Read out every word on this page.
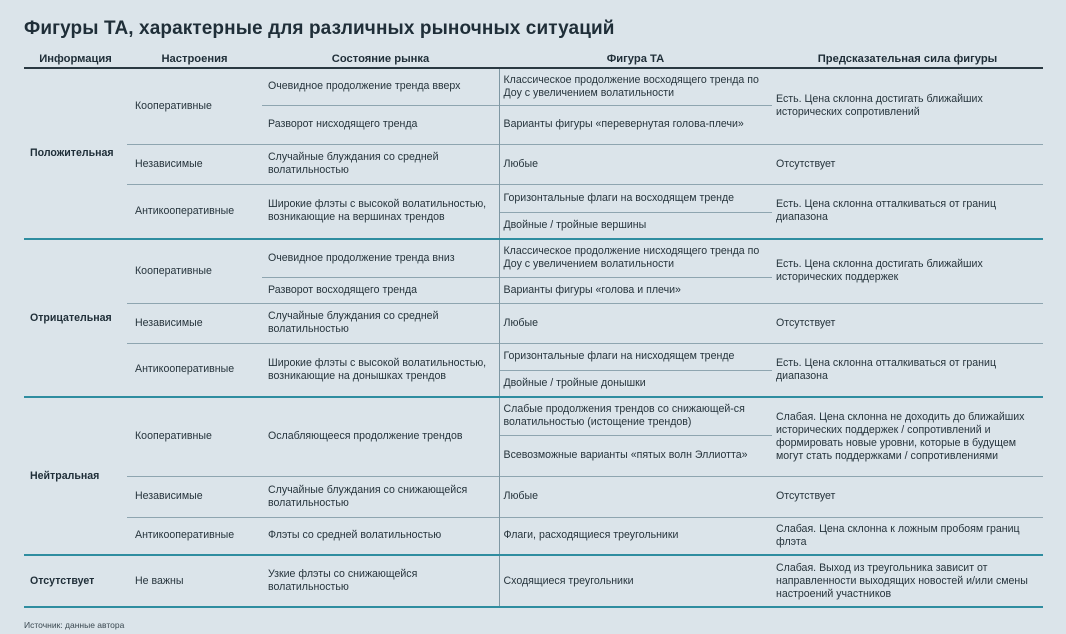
Фигуры ТА, характерные для различных рыночных ситуаций
Информация	Настроения	Состояние рынка	Фигура ТА	Предсказательная сила фигуры
Положительная	Кооперативные	Очевидное продолжение тренда вверх	Классическое продолжение восходящего тренда по Доу с увеличением волатильности	Есть. Цена склонна достигать ближайших исторических сопротивлений
		Разворот нисходящего тренда	Варианты фигуры «перевернутая голова-плечи»	
	Независимые	Случайные блуждания со средней волатильностью	Любые	Отсутствует
	Антикооперативные	Широкие флэты с высокой волатильностью, возникающие на вершинах трендов	Горизонтальные флаги на восходящем тренде	Есть. Цена склонна отталкиваться от границ диапазона
			Двойные / тройные вершины	
Отрицательная	Кооперативные	Очевидное продолжение тренда вниз	Классическое продолжение нисходящего тренда по Доу с увеличением волатильности	Есть. Цена склонна достигать ближайших исторических поддержек
		Разворот восходящего тренда	Варианты фигуры «голова и плечи»	
	Независимые	Случайные блуждания со средней волатильностью	Любые	Отсутствует
	Антикооперативные	Широкие флэты с высокой волатильностью, возникающие на донышках трендов	Горизонтальные флаги на нисходящем тренде	Есть. Цена склонна отталкиваться от границ диапазона
			Двойные / тройные донышки	
Нейтральная	Кооперативные	Ослабляющееся продолжение трендов	Слабые продолжения трендов со снижающей-ся волатильностью (истощение трендов)	Слабая. Цена склонна не доходить до ближайших исторических поддержек / сопротивлений и формировать новые уровни, которые в будущем могут стать поддержками / сопротивлениями
			Всевозможные варианты «пятых волн Эллиотта»	
	Независимые	Случайные блуждания со снижающейся волатильностью	Любые	Отсутствует
	Антикооперативные	Флэты со средней волатильностью	Флаги, расходящиеся треугольники	Слабая. Цена склонна к ложным пробоям границ флэта
Отсутствует	Не важны	Узкие флэты со снижающейся волатильностью	Сходящиеся треугольники	Слабая. Выход из треугольника зависит от направленности выходящих новостей и/или смены настроений участников
Источник: данные автора
